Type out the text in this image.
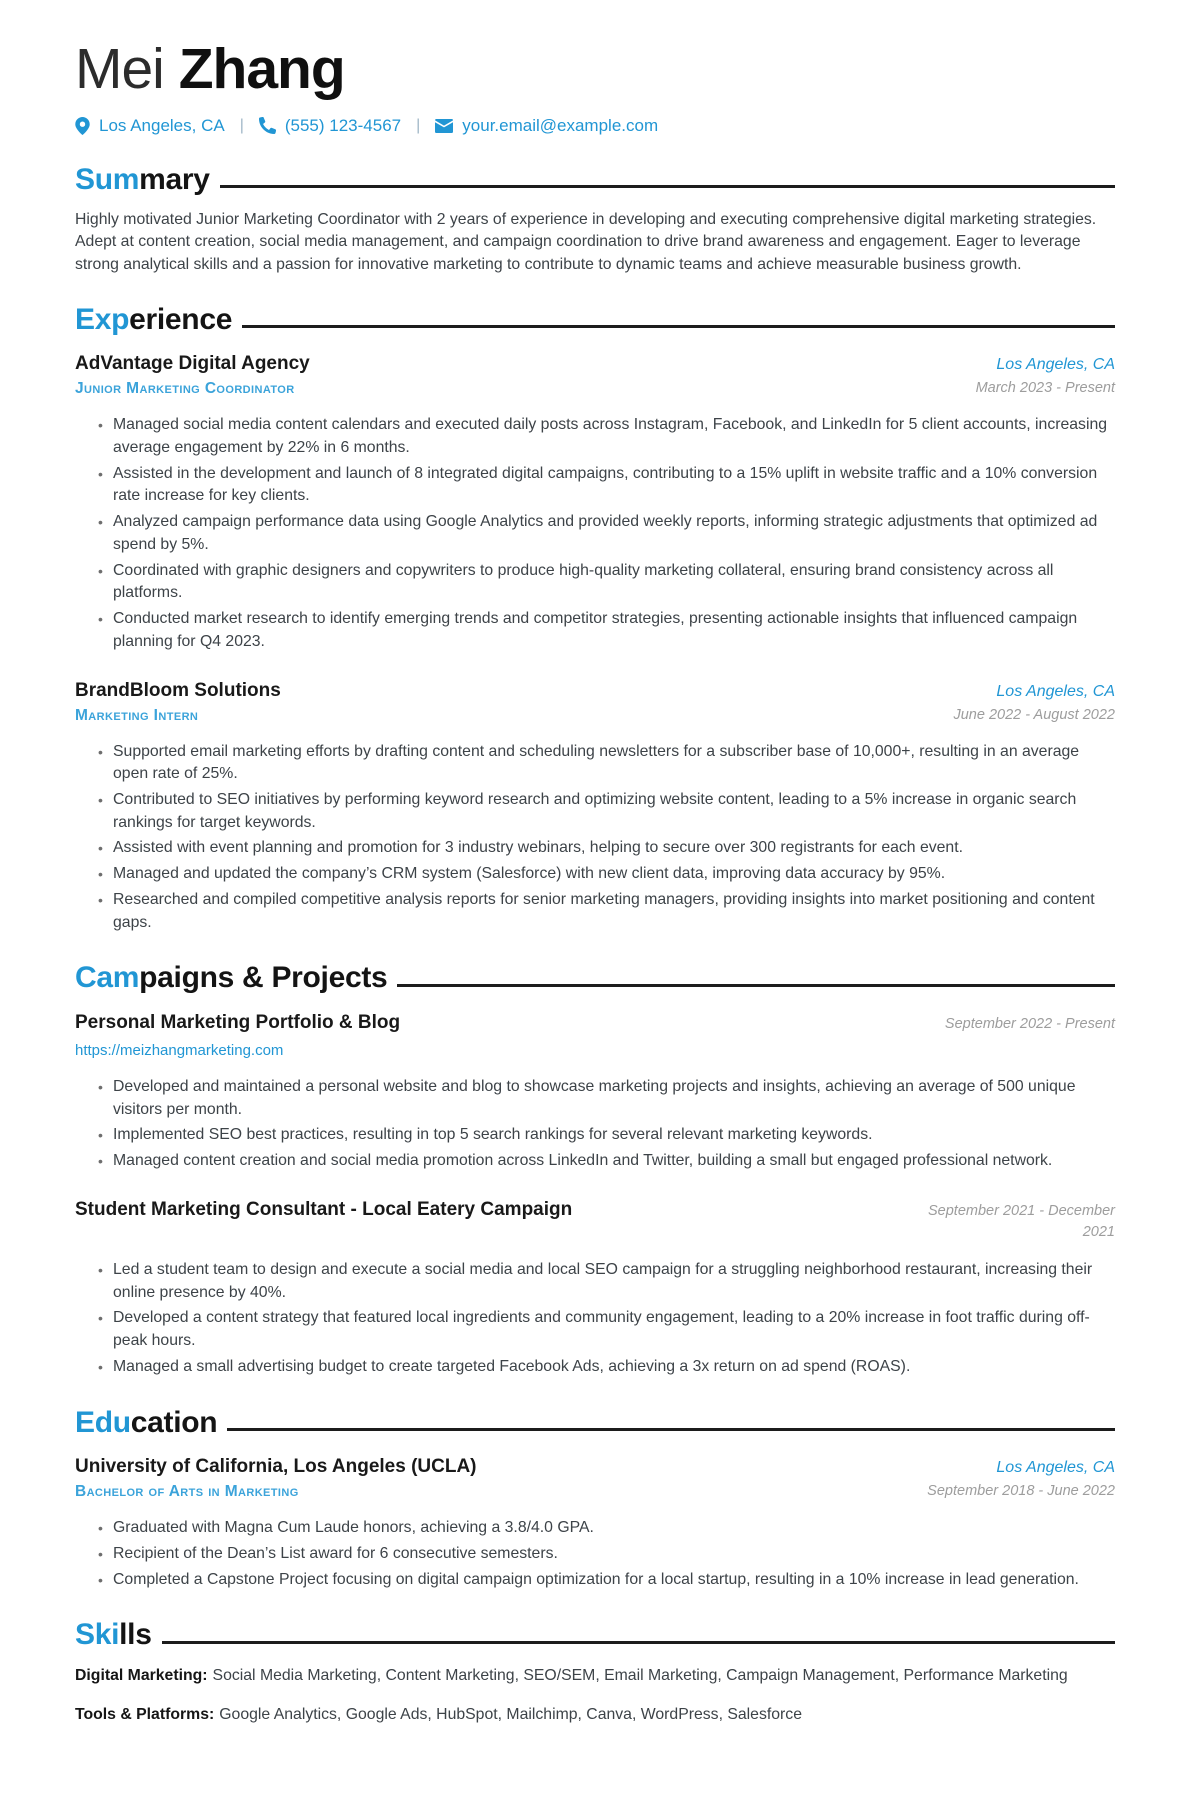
Mei Zhang
Los Angeles, CA | (555) 123-4567 | your.email@example.com
Summary

Highly motivated Junior Marketing Coordinator with 2 years of experience in developing and executing comprehensive digital marketing strategies. Adept at content creation, social media management, and campaign coordination to drive brand awareness and engagement. Eager to leverage strong analytical skills and a passion for innovative marketing to contribute to dynamic teams and achieve measurable business growth.

Experience
AdVantage Digital Agency	Los Angeles, CA
Junior Marketing Coordinator	March 2023 - Present
• Managed social media content calendars and executed daily posts across Instagram, Facebook, and LinkedIn for 5 client accounts, increasing average engagement by 22% in 6 months.
• Assisted in the development and launch of 8 integrated digital campaigns, contributing to a 15% uplift in website traffic and a 10% conversion rate increase for key clients.
• Analyzed campaign performance data using Google Analytics and provided weekly reports, informing strategic adjustments that optimized ad spend by 5%.
• Coordinated with graphic designers and copywriters to produce high-quality marketing collateral, ensuring brand consistency across all platforms.
• Conducted market research to identify emerging trends and competitor strategies, presenting actionable insights that influenced campaign planning for Q4 2023.
BrandBloom Solutions	Los Angeles, CA
Marketing Intern	June 2022 - August 2022
• Supported email marketing efforts by drafting content and scheduling newsletters for a subscriber base of 10,000+, resulting in an average open rate of 25%.
• Contributed to SEO initiatives by performing keyword research and optimizing website content, leading to a 5% increase in organic search rankings for target keywords.
• Assisted with event planning and promotion for 3 industry webinars, helping to secure over 300 registrants for each event.
• Managed and updated the company’s CRM system (Salesforce) with new client data, improving data accuracy by 95%.
• Researched and compiled competitive analysis reports for senior marketing managers, providing insights into market positioning and content gaps.
Campaigns & Projects
Personal Marketing Portfolio & Blog	September 2022 - Present
https://meizhangmarketing.com
• Developed and maintained a personal website and blog to showcase marketing projects and insights, achieving an average of 500 unique visitors per month.
• Implemented SEO best practices, resulting in top 5 search rankings for several relevant marketing keywords.
• Managed content creation and social media promotion across LinkedIn and Twitter, building a small but engaged professional network.
Student Marketing Consultant - Local Eatery Campaign	September 2021 - December 2021
• Led a student team to design and execute a social media and local SEO campaign for a struggling neighborhood restaurant, increasing their online presence by 40%.
• Developed a content strategy that featured local ingredients and community engagement, leading to a 20% increase in foot traffic during off-peak hours.
• Managed a small advertising budget to create targeted Facebook Ads, achieving a 3x return on ad spend (ROAS).
Education
University of California, Los Angeles (UCLA)	Los Angeles, CA
Bachelor of Arts in Marketing	September 2018 - June 2022
• Graduated with Magna Cum Laude honors, achieving a 3.8/4.0 GPA.
• Recipient of the Dean’s List award for 6 consecutive semesters.
• Completed a Capstone Project focusing on digital campaign optimization for a local startup, resulting in a 10% increase in lead generation.
Skills

Digital Marketing: Social Media Marketing, Content Marketing, SEO/SEM, Email Marketing, Campaign Management, Performance Marketing

Tools & Platforms: Google Analytics, Google Ads, HubSpot, Mailchimp, Canva, WordPress, Salesforce
